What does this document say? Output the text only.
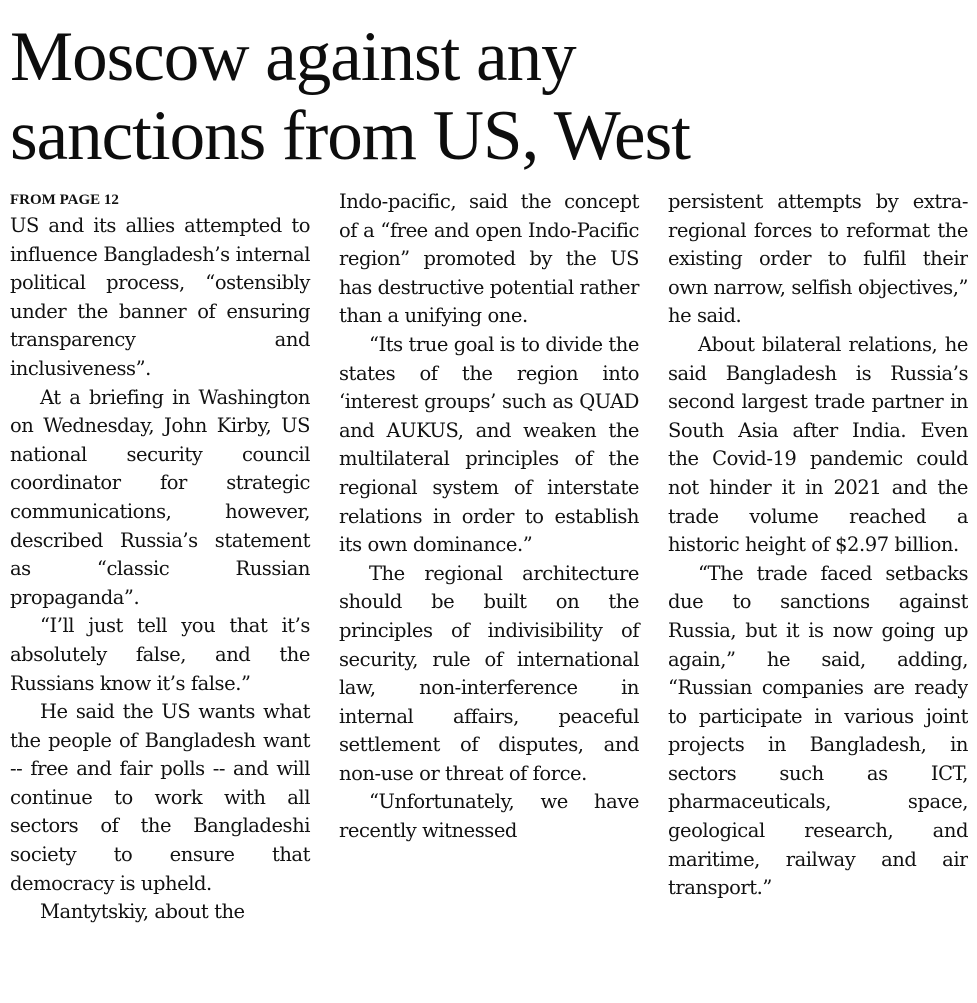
Moscow against any
sanctions from US, West
FROM PAGE 12

US and its allies attempted to influence Bangladesh’s internal political process, “ostensibly under the banner of ensuring transparency and inclusiveness”.

At a briefing in Washington on Wednesday, John Kirby, US national security council coordinator for strategic communications, however, described Russia’s statement as “classic Russian propaganda”.

“I’ll just tell you that it’s absolutely false, and the Russians know it’s false.”

He said the US wants what the people of Bangladesh want -- free and fair polls -- and will continue to work with all sectors of the Bangladeshi society to ensure that democracy is upheld.

Mantytskiy, about the

Indo-pacific, said the concept of a “free and open Indo-Pacific region” promoted by the US has destructive potential rather than a unifying one.

“Its true goal is to divide the states of the region into ‘interest groups’ such as QUAD and AUKUS, and weaken the multilateral principles of the regional system of interstate relations in order to establish its own dominance.”

The regional architecture should be built on the principles of indivisibility of security, rule of international law, non-interference in internal affairs, peaceful settlement of disputes, and non-use or threat of force.

“Unfortunately, we have recently witnessed

persistent attempts by extra-regional forces to reformat the existing order to fulfil their own narrow, selfish objectives,” he said.

About bilateral relations, he said Bangladesh is Russia’s second largest trade partner in South Asia after India. Even the Covid-19 pandemic could not hinder it in 2021 and the trade volume reached a historic height of $2.97 billion.

“The trade faced setbacks due to sanctions against Russia, but it is now going up again,” he said, adding, “Russian companies are ready to participate in various joint projects in Bangladesh, in sectors such as ICT, pharmaceuticals, space, geological research, and maritime, railway and air transport.”
